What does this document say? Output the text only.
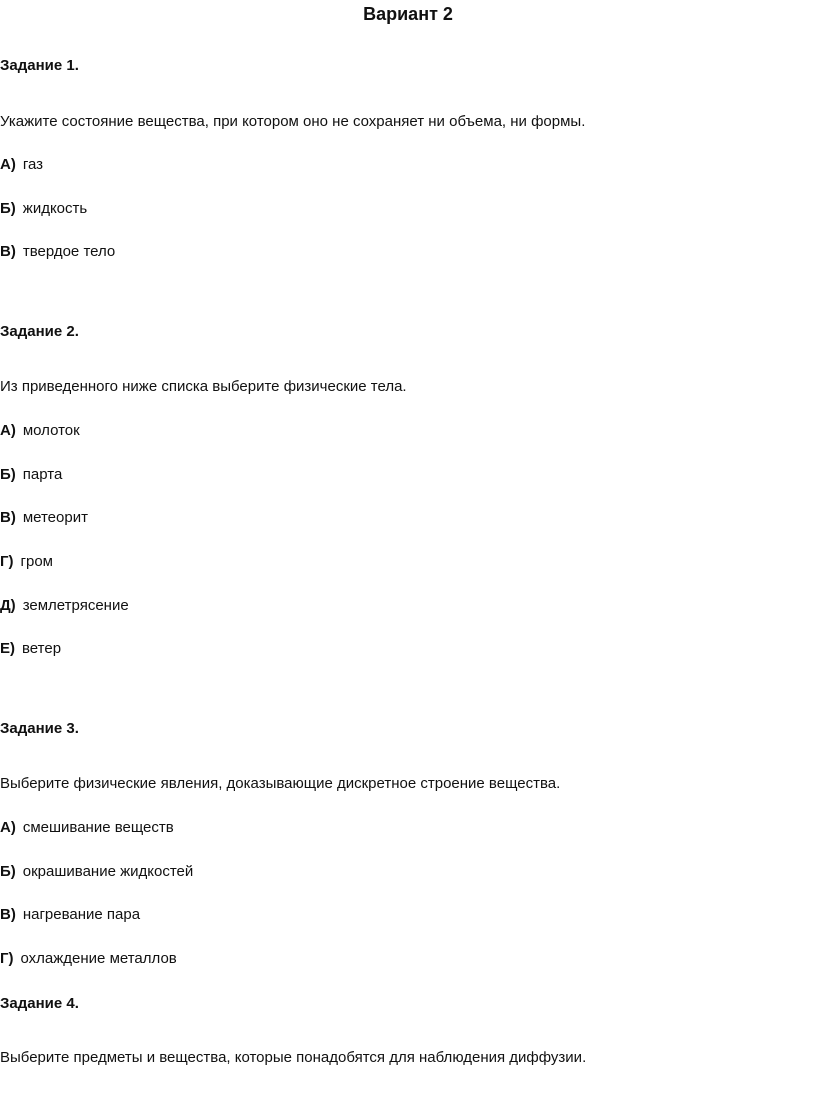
Вариант 2
Задание 1.
Укажите состояние вещества, при котором оно не сохраняет ни объема, ни формы.
А) газ
Б) жидкость
В) твердое тело
Задание 2.
Из приведенного ниже списка выберите физические тела.
А) молоток
Б) парта
В) метеорит
Г) гром
Д) землетрясение
Е) ветер
Задание 3.
Выберите физические явления, доказывающие дискретное строение вещества.
А) смешивание веществ
Б) окрашивание жидкостей
В) нагревание пара
Г) охлаждение металлов
Задание 4.
Выберите предметы и вещества, которые понадобятся для наблюдения диффузии.
